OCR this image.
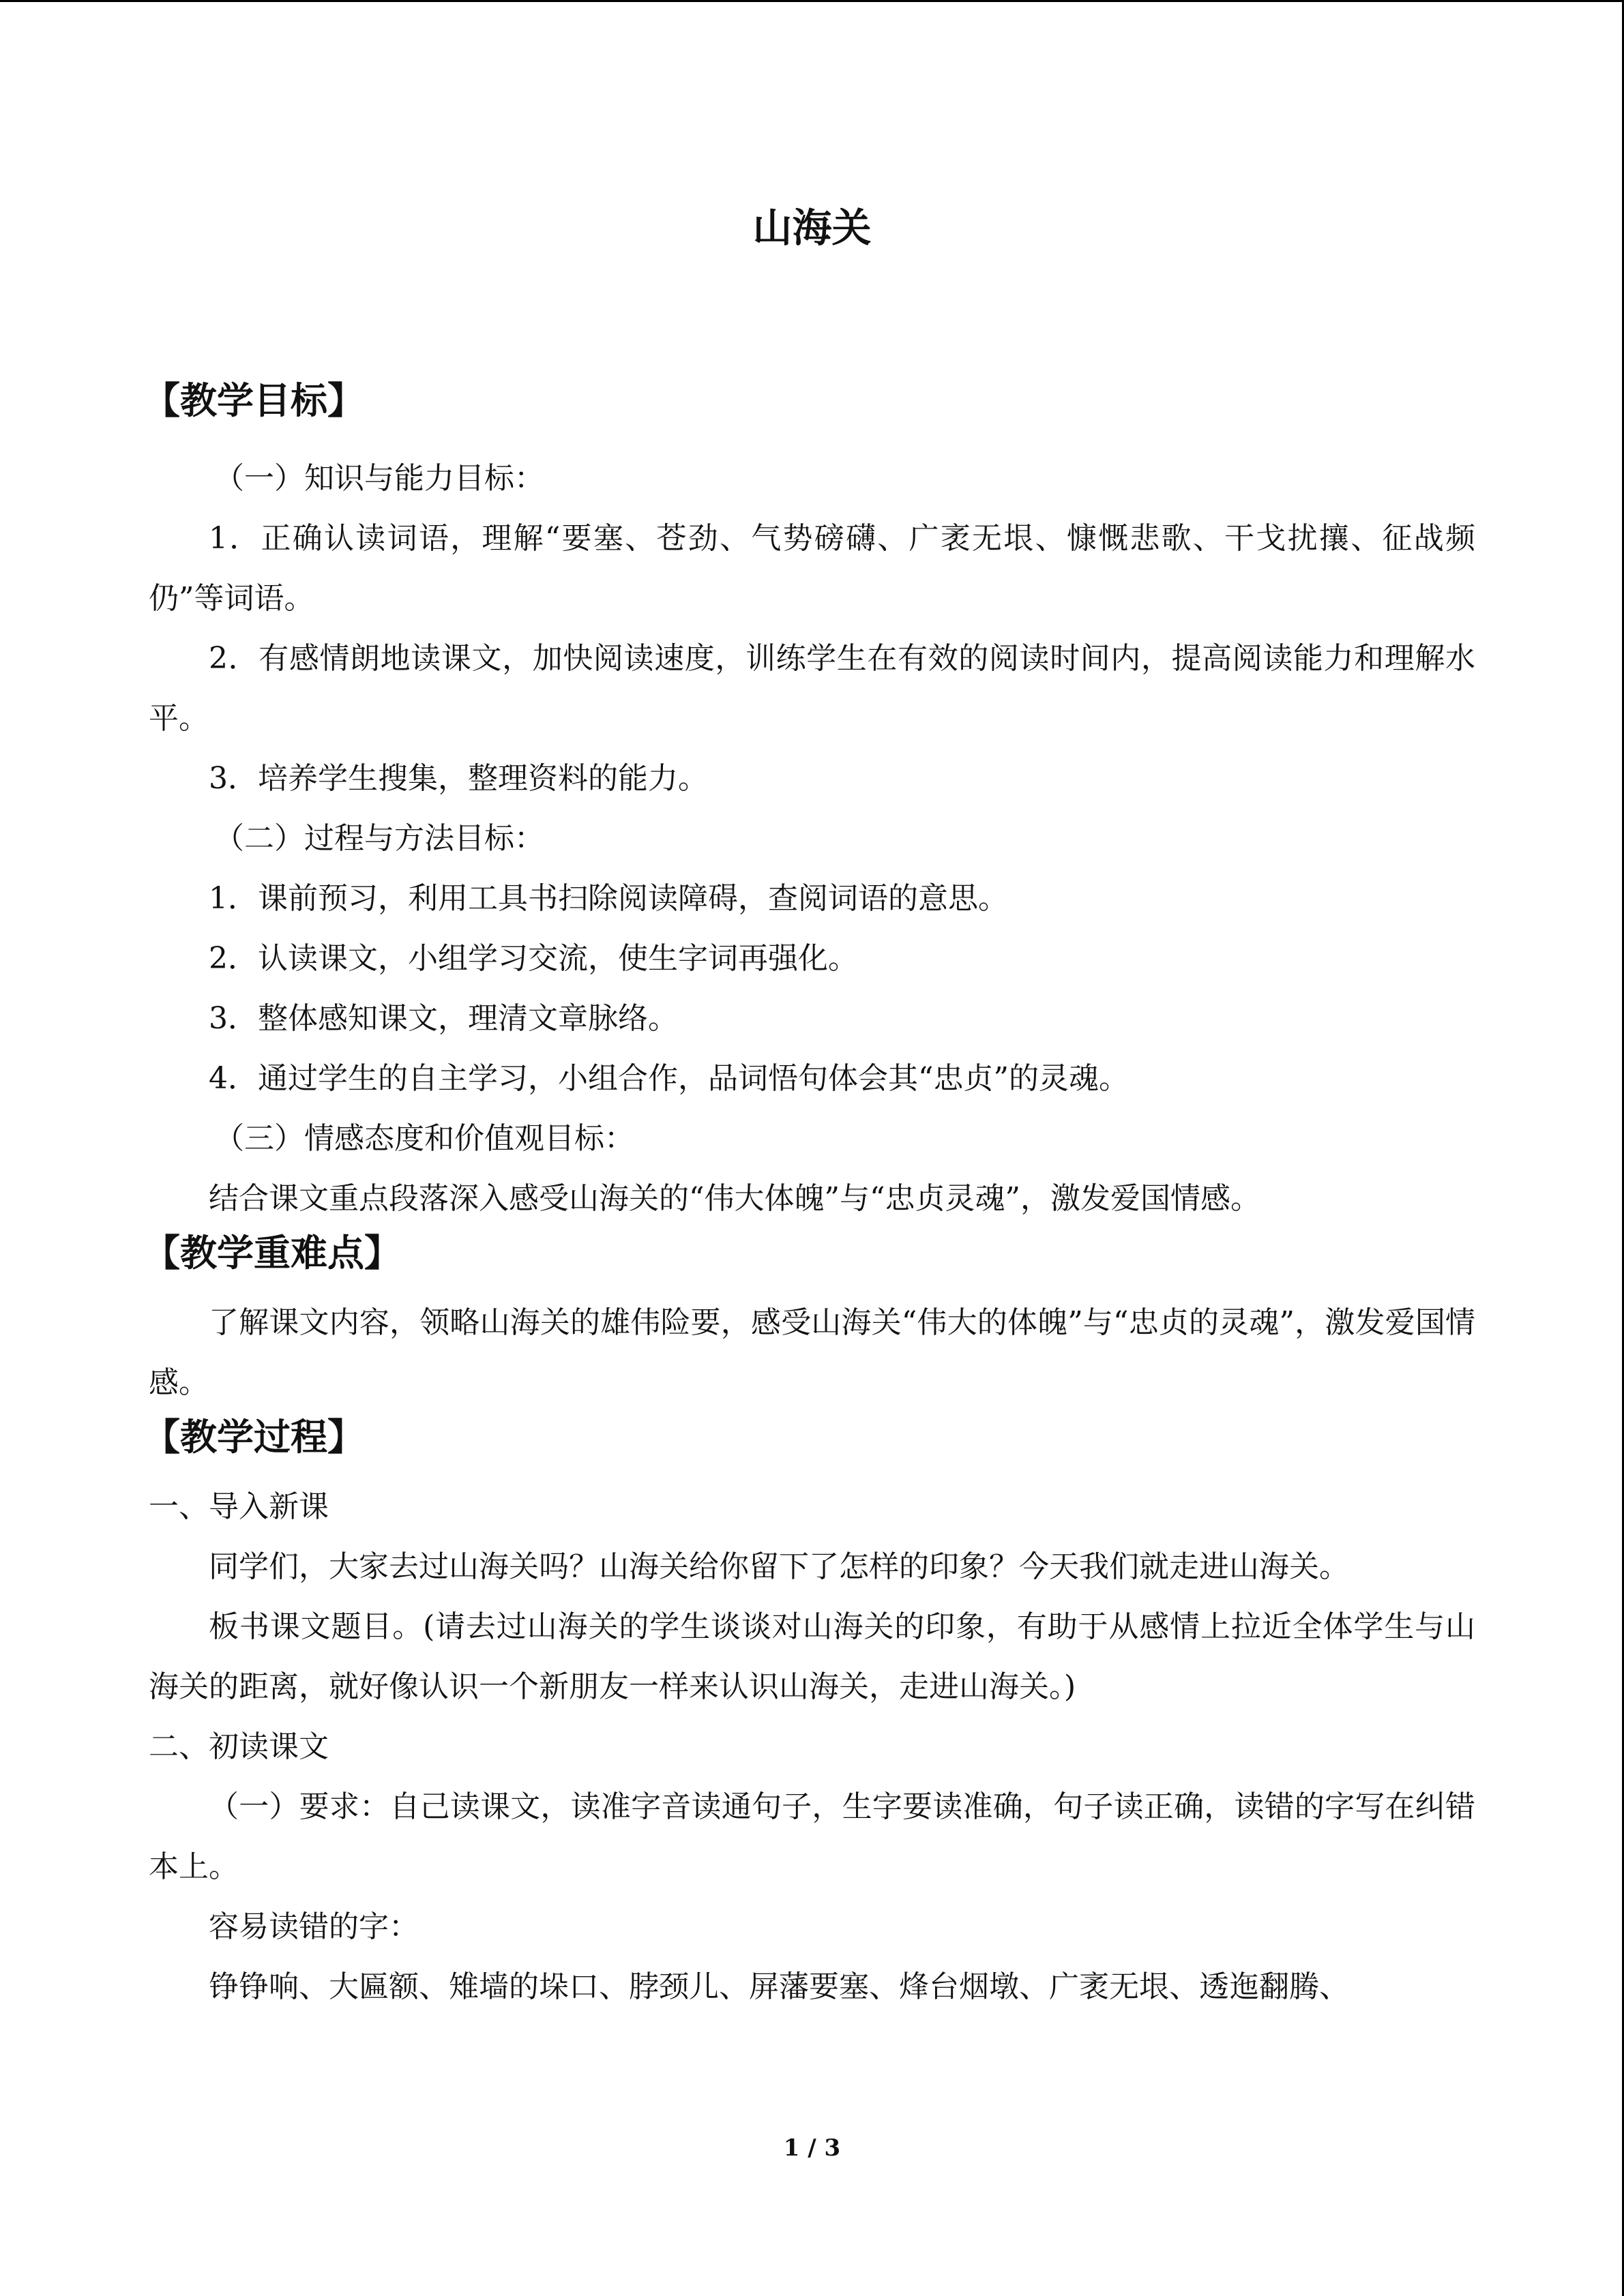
山海关
【教学目标】
（一）知识与能力目标：
1．正确认读词语，理解“要塞、苍劲、气势磅礴、广袤无垠、慷慨悲歌、干戈扰攘、征战频仍”等词语。
2．有感情朗地读课文，加快阅读速度，训练学生在有效的阅读时间内，提高阅读能力和理解水平。
3．培养学生搜集，整理资料的能力。
（二）过程与方法目标：
1．课前预习，利用工具书扫除阅读障碍，查阅词语的意思。
2．认读课文，小组学习交流，使生字词再强化。
3．整体感知课文，理清文章脉络。
4．通过学生的自主学习，小组合作，品词悟句体会其“忠贞”的灵魂。
（三）情感态度和价值观目标：
结合课文重点段落深入感受山海关的“伟大体魄”与“忠贞灵魂”，激发爱国情感。
【教学重难点】
了解课文内容，领略山海关的雄伟险要，感受山海关“伟大的体魄”与“忠贞的灵魂”，激发爱国情感。
【教学过程】
一、导入新课
同学们，大家去过山海关吗？山海关给你留下了怎样的印象？今天我们就走进山海关。
板书课文题目。(请去过山海关的学生谈谈对山海关的印象，有助于从感情上拉近全体学生与山海关的距离，就好像认识一个新朋友一样来认识山海关，走进山海关。)
二、初读课文
（一）要求：自己读课文，读准字音读通句子，生字要读准确，句子读正确，读错的字写在纠错本上。
容易读错的字：
铮铮响、大匾额、雉墙的垛口、脖颈儿、屏藩要塞、烽台烟墩、广袤无垠、透迤翻腾、
1 / 3
